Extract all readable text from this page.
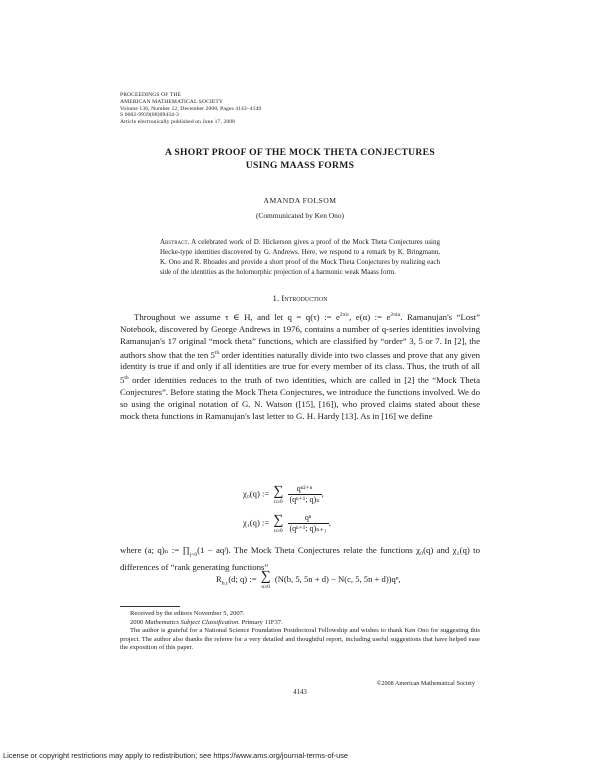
PROCEEDINGS OF THE
AMERICAN MATHEMATICAL SOCIETY
Volume 136, Number 12, December 2008, Pages 4143–4149
S 0002-9939(08)09434-3
Article electronically published on June 17, 2008
A SHORT PROOF OF THE MOCK THETA CONJECTURES
USING MAASS FORMS
AMANDA FOLSOM
(Communicated by Ken Ono)
Abstract. A celebrated work of D. Hickerson gives a proof of the Mock Theta Conjectures using Hecke-type identities discovered by G. Andrews. Here, we respond to a remark by K. Bringmann, K. Ono and R. Rhoades and provide a short proof of the Mock Theta Conjectures by realizing each side of the identities as the holomorphic projection of a harmonic weak Maass form.
1. Introduction

Throughout we assume τ ∈ H, and let q = q(τ) := $e^{2\pi i\tau}$, e(α) := $e^{2\pi i\alpha}$. Ramanujan's “Lost” Notebook, discovered by George Andrews in 1976, contains a number of q-series identities involving Ramanujan's 17 original “mock theta” functions, which are classified by “order” 3, 5 or 7. In [2], the authors show that the ten 5th order identities naturally divide into two classes and prove that any given identity is true if and only if all identities are true for every member of its class. Thus, the truth of all 5th order identities reduces to the truth of two identities, which are called in [2] the “Mock Theta Conjectures”. Before stating the Mock Theta Conjectures, we introduce the functions involved. We do so using the original notation of G. N. Watson ([15], [16]), who proved claims stated about these mock theta functions in Ramanujan's last letter to G. H. Hardy [13]. As in [16] we define

χ₀(q) := ∑
n≥0
$\frac{\text{qⁿ²⁺ⁿ}}{\text{(qⁿ⁺¹; q)ₙ}}$ ,
χ₁(q) := ∑
n≥0
$\frac{\text{qⁿ}}{\text{(qⁿ⁺¹; q)ₙ₊₁}}$ ,
where (a; q)ₙ := $\prod_{j=0}(1$ − aqʲ). The Mock Theta Conjectures relate the functions χ₀(q) and χ₁(q) to differences of “rank generating functions”
$R_{b,c}(d$; q) := ∑
n≥0
(N(b, 5, 5n + d) − N(c, 5, 5n + d))qⁿ,
Received by the editors November 5, 2007.
2000 Mathematics Subject Classification. Primary 11F37.
The author is grateful for a National Science Foundation Postdoctoral Fellowship and wishes to thank Ken Ono for suggesting this project. The author also thanks the referee for a very detailed and thoughtful report, including useful suggestions that have helped ease the exposition of this paper.
©2008 American Mathematical Society
4143
License or copyright restrictions may apply to redistribution; see https://www.ams.org/journal-terms-of-use
